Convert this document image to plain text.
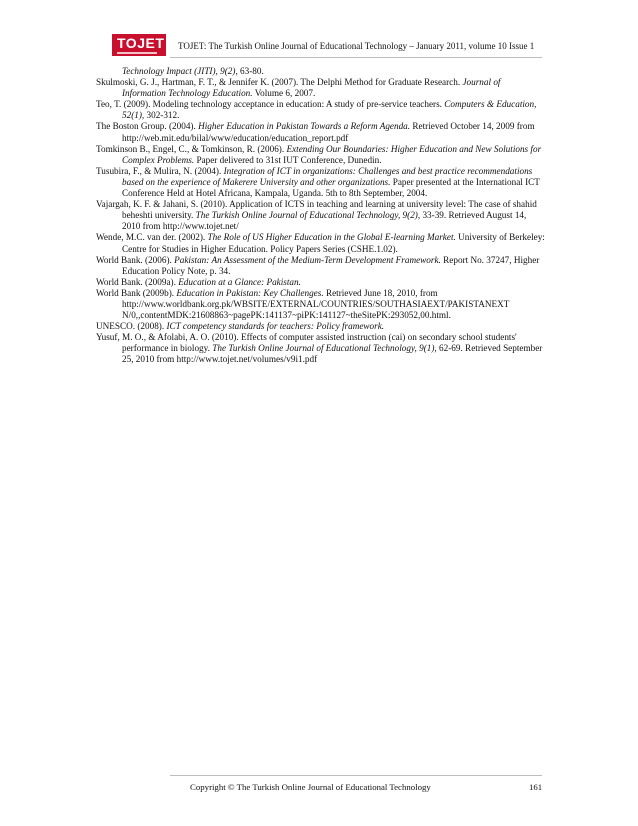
TOJET TOJET: The Turkish Online Journal of Educational Technology – January 2011, volume 10 Issue 1

Technology Impact (JITI), 9(2), 63-80.

Skulmoski, G. J., Hartman, F. T., & Jennifer K. (2007). The Delphi Method for Graduate Research. Journal of Information Technology Education. Volume 6, 2007.

Teo, T. (2009). Modeling technology acceptance in education: A study of pre-service teachers. Computers & Education, 52(1), 302-312.

The Boston Group. (2004). Higher Education in Pakistan Towards a Reform Agenda. Retrieved October 14, 2009 from http://web.mit.edu/bilal/www/education/education_report.pdf

Tomkinson B., Engel, C., & Tomkinson, R. (2006). Extending Our Boundaries: Higher Education and New Solutions for Complex Problems. Paper delivered to 31st IUT Conference, Dunedin.

Tusubira, F., & Mulira, N. (2004). Integration of ICT in organizations: Challenges and best practice recommendations based on the experience of Makerere University and other organizations. Paper presented at the International ICT Conference Held at Hotel Africana, Kampala, Uganda. 5th to 8th September, 2004.

Vajargah, K. F. & Jahani, S. (2010). Application of ICTS in teaching and learning at university level: The case of shahid beheshti university. The Turkish Online Journal of Educational Technology, 9(2), 33-39. Retrieved August 14, 2010 from http://www.tojet.net/

Wende, M.C. van der. (2002). The Role of US Higher Education in the Global E-learning Market. University of Berkeley: Centre for Studies in Higher Education. Policy Papers Series (CSHE.1.02).

World Bank. (2006). Pakistan: An Assessment of the Medium-Term Development Framework. Report No. 37247, Higher Education Policy Note, p. 34.

World Bank. (2009a). Education at a Glance: Pakistan.

World Bank (2009b). Education in Pakistan: Key Challenges. Retrieved June 18, 2010, from http://www.worldbank.org.pk/WBSITE/EXTERNAL/COUNTRIES/SOUTHASIAEXT/PAKISTANEXT N/0,,contentMDK:21608863~pagePK:141137~piPK:141127~theSitePK:293052,00.html.

UNESCO. (2008). ICT competency standards for teachers: Policy framework.

Yusuf, M. O., & Afolabi, A. O. (2010). Effects of computer assisted instruction (cai) on secondary school students' performance in biology. The Turkish Online Journal of Educational Technology, 9(1), 62-69. Retrieved September 25, 2010 from http://www.tojet.net/volumes/v9i1.pdf

Copyright © The Turkish Online Journal of Educational Technology	161
